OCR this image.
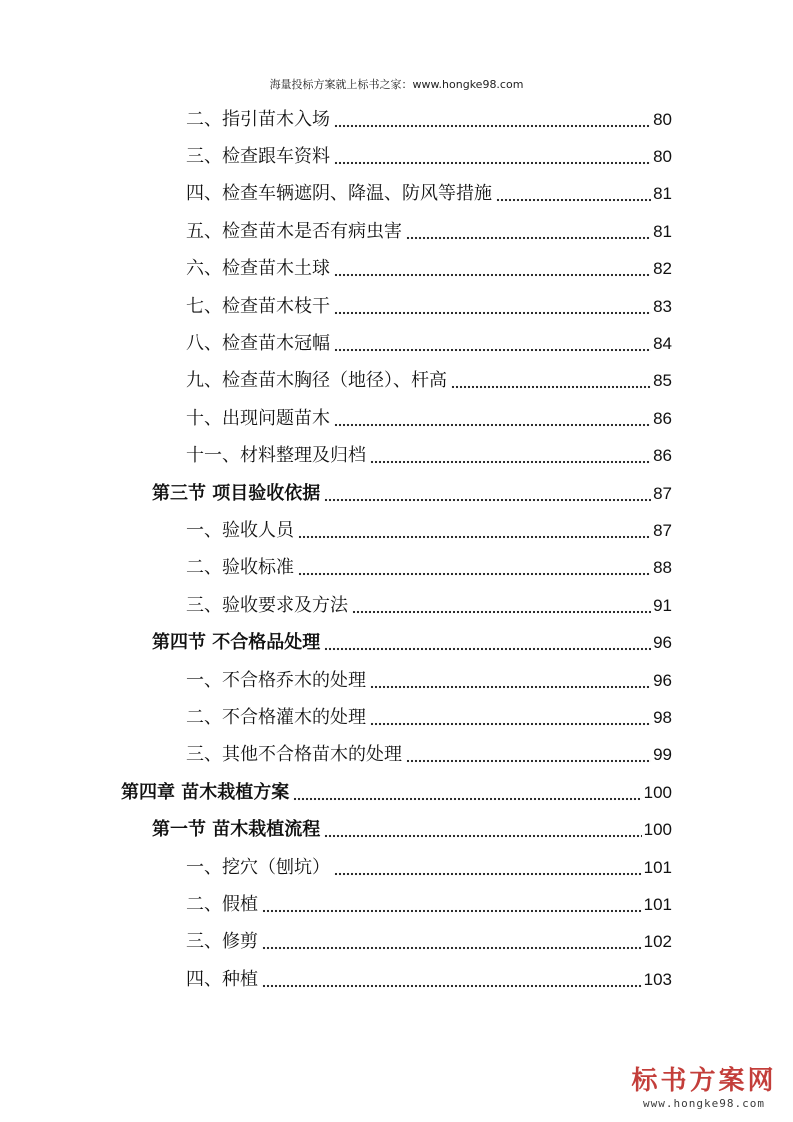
海量投标方案就上标书之家：www.hongke98.com
二、指引苗木入场	80
三、检查跟车资料	80
四、检查车辆遮阴、降温、防风等措施	81
五、检查苗木是否有病虫害	81
六、检查苗木土球	82
七、检查苗木枝干	83
八、检查苗木冠幅	84
九、检查苗木胸径（地径）、杆高	85
十、出现问题苗木	86
十一、材料整理及归档	86
第三节 项目验收依据	87
一、验收人员	87
二、验收标准	88
三、验收要求及方法	91
第四节 不合格品处理	96
一、不合格乔木的处理	96
二、不合格灌木的处理	98
三、其他不合格苗木的处理	99
第四章 苗木栽植方案	100
第一节 苗木栽植流程	100
一、挖穴（刨坑）	101
二、假植	101
三、修剪	102
四、种植	103
标书方案网
www.hongke98.com
